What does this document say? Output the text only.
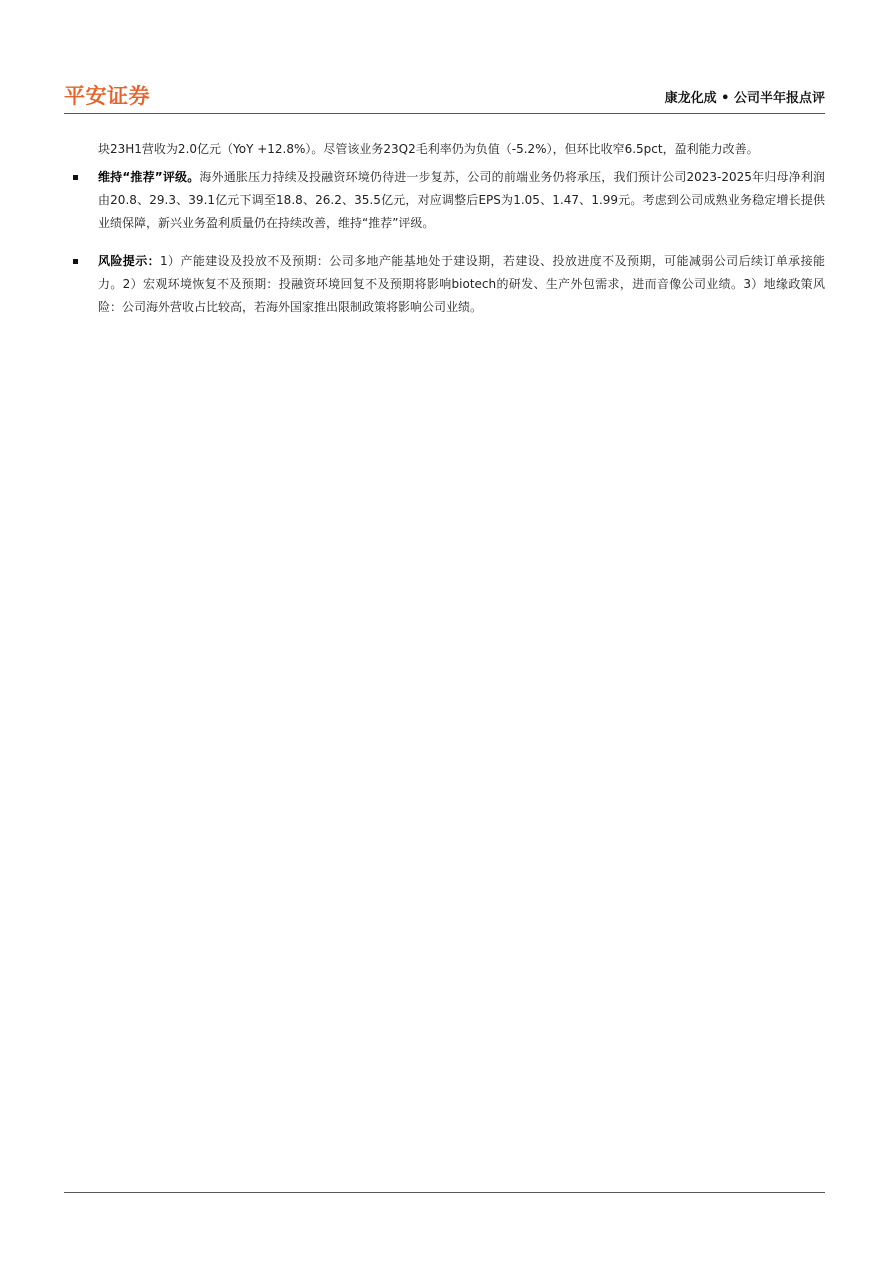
平安证券	康龙化成 • 公司半年报点评

块23H1营收为2.0亿元（YoY +12.8%）。尽管该业务23Q2毛利率仍为负值（-5.2%），但环比收窄6.5pct，盈利能力改善。

维持“推荐”评级。海外通胀压力持续及投融资环境仍待进一步复苏，公司的前端业务仍将承压，我们预计公司2023-2025年归母净利润由20.8、29.3、39.1亿元下调至18.8、26.2、35.5亿元，对应调整后EPS为1.05、1.47、1.99元。考虑到公司成熟业务稳定增长提供业绩保障，新兴业务盈利质量仍在持续改善，维持“推荐”评级。

风险提示：1）产能建设及投放不及预期：公司多地产能基地处于建设期，若建设、投放进度不及预期，可能减弱公司后续订单承接能力。2）宏观环境恢复不及预期：投融资环境回复不及预期将影响biotech的研发、生产外包需求，进而音像公司业绩。3）地缘政策风险：公司海外营收占比较高，若海外国家推出限制政策将影响公司业绩。
